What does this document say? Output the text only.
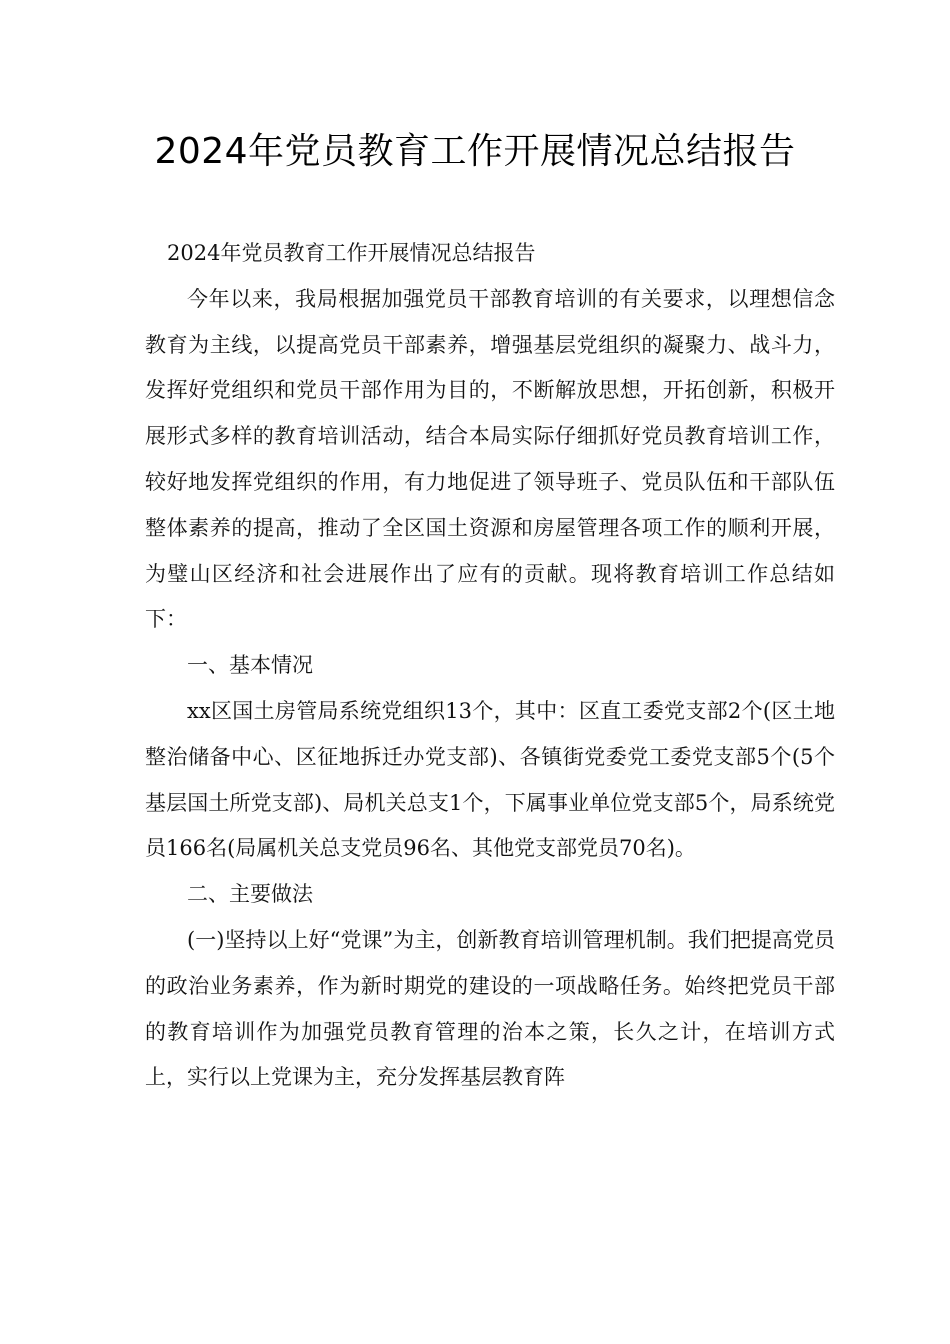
2024年党员教育工作开展情况总结报告

2024年党员教育工作开展情况总结报告

今年以来，我局根据加强党员干部教育培训的有关要求，以理想信念教育为主线，以提高党员干部素养，增强基层党组织的凝聚力、战斗力，发挥好党组织和党员干部作用为目的，不断解放思想，开拓创新，积极开展形式多样的教育培训活动，结合本局实际仔细抓好党员教育培训工作，较好地发挥党组织的作用，有力地促进了领导班子、党员队伍和干部队伍整体素养的提高，推动了全区国土资源和房屋管理各项工作的顺利开展，为璧山区经济和社会进展作出了应有的贡献。现将教育培训工作总结如下：

一、基本情况

xx区国土房管局系统党组织13个，其中：区直工委党支部2个(区土地整治储备中心、区征地拆迁办党支部)、各镇街党委党工委党支部5个(5个基层国土所党支部)、局机关总支1个，下属事业单位党支部5个，局系统党员166名(局属机关总支党员96名、其他党支部党员70名)。

二、主要做法

(一)坚持以上好“党课”为主，创新教育培训管理机制。我们把提高党员的政治业务素养，作为新时期党的建设的一项战略任务。始终把党员干部的教育培训作为加强党员教育管理的治本之策，长久之计，在培训方式上，实行以上党课为主，充分发挥基层教育阵
